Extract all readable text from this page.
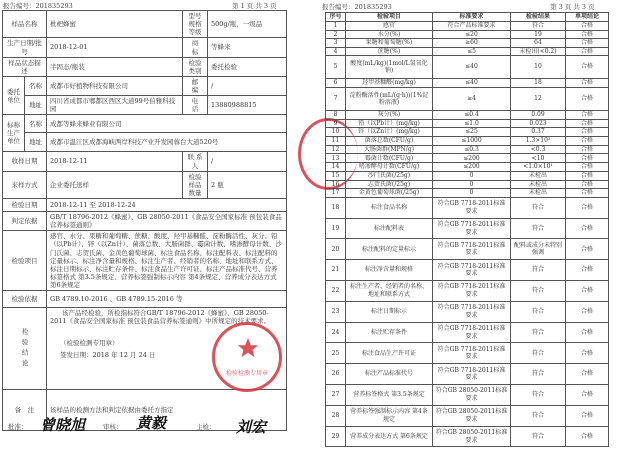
报告编号：201835293	第 1 页 共 3 页
样品名称		枇杷蜂蜜	型号规格等级	500g/瓶，一级品
生产日期/批号		2018-12-01	商　　标	等蜂来
样品状态描述		半固态/瓶装	检验类别	委托检验
委托单位	名称	成都市好植物科技有限公司	邮　编	/
	地址	四川省成都市郫都区西区大道99号伯雅科技园	电　话	13880988815
标称生产单位	名称	成都等蜂来蜂业有限公司		
	地址	成都市温江区成都海峡两岸科技产业开发园蓉台大道520号		
收样日期		2018-12-11	联 系 人	/
来样方式		企业委托送样	检验样品数量	2 瓶
检验日期		2018-12-11 至 2018-12-24		
判定依据		GB/T 18796-2012《蜂蜜》、GB 28050-2011《食品安全国家标准 预包装食品营养标签通则》		
检验项目		感官、水分、果糖和葡萄糖、蔗糖、酸度、羟甲基糠醛、淀粉酶活性、灰分、铅（以Pb计）、锌（以Zn计）、菌落总数、大肠菌群、霉菌计数、嗜渗酵母计数、沙门氏菌、志贺氏菌、金黄色葡萄球菌、标注食品名称、标注配料表、标注配料的定量标示、标注净含量和规格、标注生产者、经销者的名称、地址和联系方式、标注日期标示、标注贮存条件、标注食品生产许可证、标注产品标准代号、营养标签格式 第3.5条规定、营养标签强制标示内容 第4条规定、营养成分表达方式 第6条规定		
检验依据		GB 4789.10-2016 、GB 4789.15-2016 等		
检验结论		该产品经检验，所检指标符合GB/T 18796-2012《蜂蜜》、GB 28050-2011《食品安全国家标准 预包装食品营养标签通则》中所规定的技术要求。
（检验检测专用章）
签发日期：2018 年 12 月 24 日		

备　注		该样品的检测方法和判定依据由委托方指定		
检验检测专用章
批准： 曾晓旭	审核： 黄毅	主检： 刘宏
报告编号：201835293	第 3 页 共 3 页
序号	检验项目	标准要求	检验结果	单项结论
1	感官	符合产品标准要求	符合	合格
2	水分(%)	≤20	19	合格
3	果糖和葡萄糖(%)	≥60	64	合格
4	蔗糖(%)	≤5	未检出(<0.2)	合格
5	酸度(mL/kg)(1mol/L氢氧化钠)	≤40	10	合格
6	羟甲基糠醛(mg/kg)	≤40	18	合格
7	淀粉酶活性(mL/(g·h))(1%淀粉溶液)	≥4	12	合格
8	灰分(%)	≤0.4	0.09	合格
9	铅（以Pb计）(mg/kg)	≤1.0	0.023	合格
10	锌（以Zn计）(mg/kg)	≤25	0.37	合格
11	菌落总数(CFU/g)	≤1000	1.3×10²	合格
12	大肠菌群(MPN/g)	≤0.3	<0.3	合格
13	霉菌计数(CFU/g)	≤200	<10	合格
14	嗜渗酵母计数(CFU/g)	≤200	<1.0×10¹	合格
15	沙门氏菌(/25g)	0	未检出	合格
16	志贺氏菌(/25g)	0	未检出	合格
17	金黄色葡萄球菌(/25g)	0	未检出	合格
18	标注食品名称	符合GB 7718-2011标准要求	符合	合格
19	标注配料表	符合GB 7718-2011标准要求	符合	合格
20	标注配料的定量标示	符合GB 7718-2011标准要求	配料或成分未特别强调	合格
21	标注净含量和规格	符合GB 7718-2011标准要求	符合	合格
22	标注生产者、经销者的名称、地址和联系方式	符合GB 7718-2011标准要求	符合	合格
23	标注日期标示	符合GB 7718-2011标准要求	符合	合格
24	标注贮存条件	符合GB 7718-2011标准要求	符合	合格
25	标注食品生产许可证	符合GB 7718-2011标准要求	符合	合格
26	标注产品标准代号	符合GB 7718-2011标准要求	符合	合格
27	营养标签格式 第3.5条规定	符合GB 28050-2011标准要求	符合	合格
28	营养标签强制标示内容 第4条规定	符合GB 28050-2011标准要求	符合	合格
29	营养成分表达方式 第6条规定	符合GB 28050-2011标准要求	符合	合格
